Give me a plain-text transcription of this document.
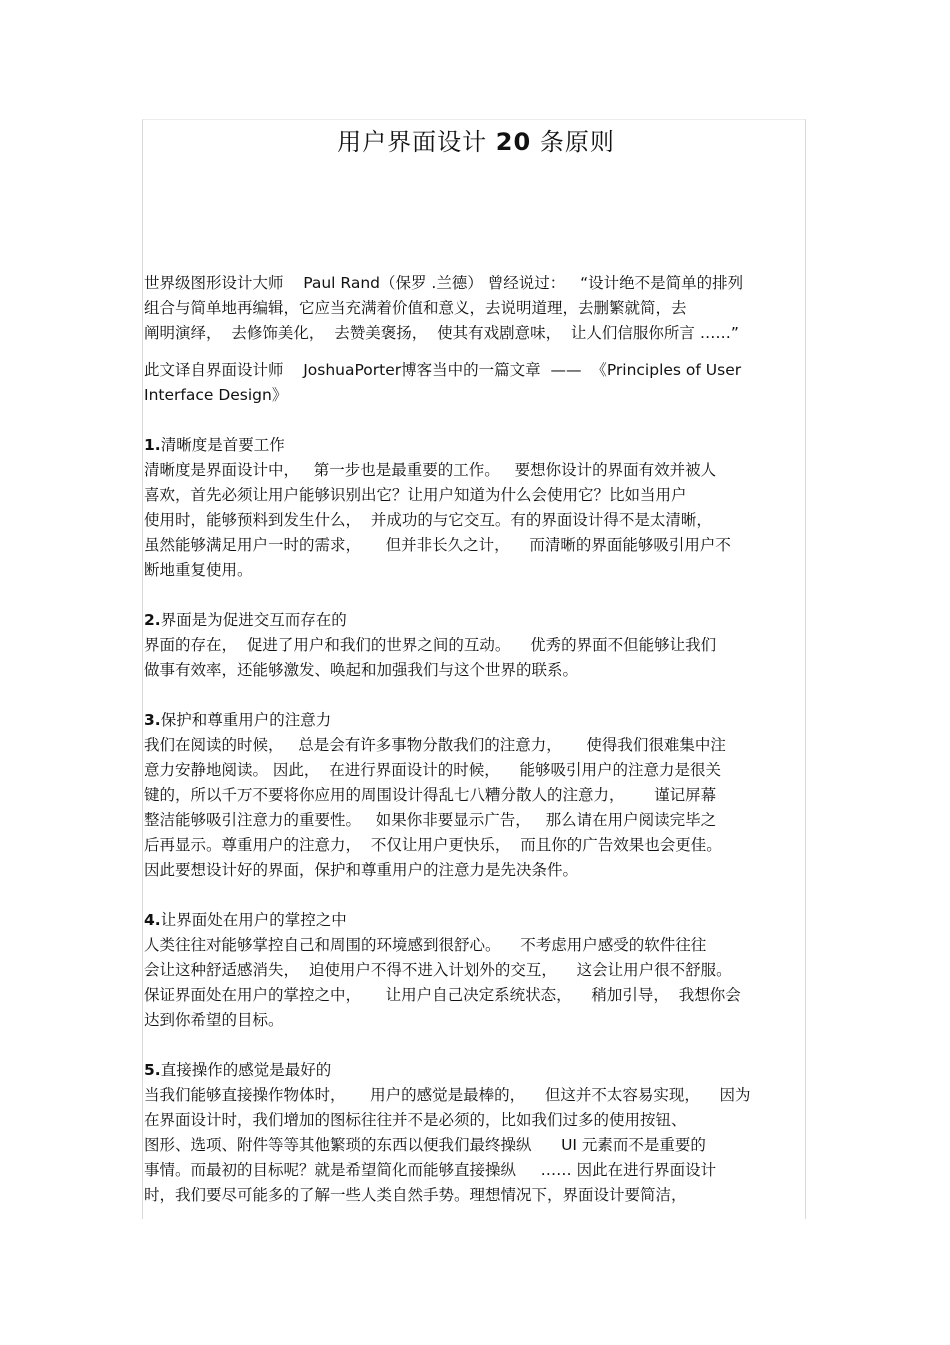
用户界面设计 20 条原则

世界级图形设计大师    Paul Rand（保罗 .兰德） 曾经说过：   “设计绝不是简单的排列
组合与简单地再编辑，它应当充满着价值和意义，去说明道理，去删繁就简，去
阐明演绎，  去修饰美化，  去赞美褒扬，  使其有戏剧意味，  让人们信服你所言 ……”

此文译自界面设计师    JoshuaPorter博客当中的一篇文章  ——  《Principles of User
Interface Design》

1.清晰度是首要工作

清晰度是界面设计中，   第一步也是最重要的工作。   要想你设计的界面有效并被人
喜欢，首先必须让用户能够识别出它？让用户知道为什么会使用它？比如当用户
使用时，能够预料到发生什么，  并成功的与它交互。有的界面设计得不是太清晰，
虽然能够满足用户一时的需求，     但并非长久之计，    而清晰的界面能够吸引用户不
断地重复使用。

2.界面是为促进交互而存在的

界面的存在，  促进了用户和我们的世界之间的互动。    优秀的界面不但能够让我们
做事有效率，还能够激发、唤起和加强我们与这个世界的联系。

3.保护和尊重用户的注意力

我们在阅读的时候，   总是会有许多事物分散我们的注意力，     使得我们很难集中注
意力安静地阅读。 因此，  在进行界面设计的时候，    能够吸引用户的注意力是很关
键的，所以千万不要将你应用的周围设计得乱七八糟分散人的注意力，      谨记屏幕
整洁能够吸引注意力的重要性。   如果你非要显示广告，   那么请在用户阅读完毕之
后再显示。尊重用户的注意力，  不仅让用户更快乐，  而且你的广告效果也会更佳。
因此要想设计好的界面，保护和尊重用户的注意力是先决条件。

4.让界面处在用户的掌控之中

人类往往对能够掌控自己和周围的环境感到很舒心。    不考虑用户感受的软件往往
会让这种舒适感消失，  迫使用户不得不进入计划外的交互，    这会让用户很不舒服。
保证界面处在用户的掌控之中，     让用户自己决定系统状态，    稍加引导，  我想你会
达到你希望的目标。

5.直接操作的感觉是最好的

当我们能够直接操作物体时，     用户的感觉是最棒的，    但这并不太容易实现，    因为
在界面设计时，我们增加的图标往往并不是必须的，比如我们过多的使用按钮、
图形、选项、附件等等其他繁琐的东西以便我们最终操纵      UI 元素而不是重要的
事情。而最初的目标呢？就是希望简化而能够直接操纵     …… 因此在进行界面设计
时，我们要尽可能多的了解一些人类自然手势。理想情况下，界面设计要简洁，
